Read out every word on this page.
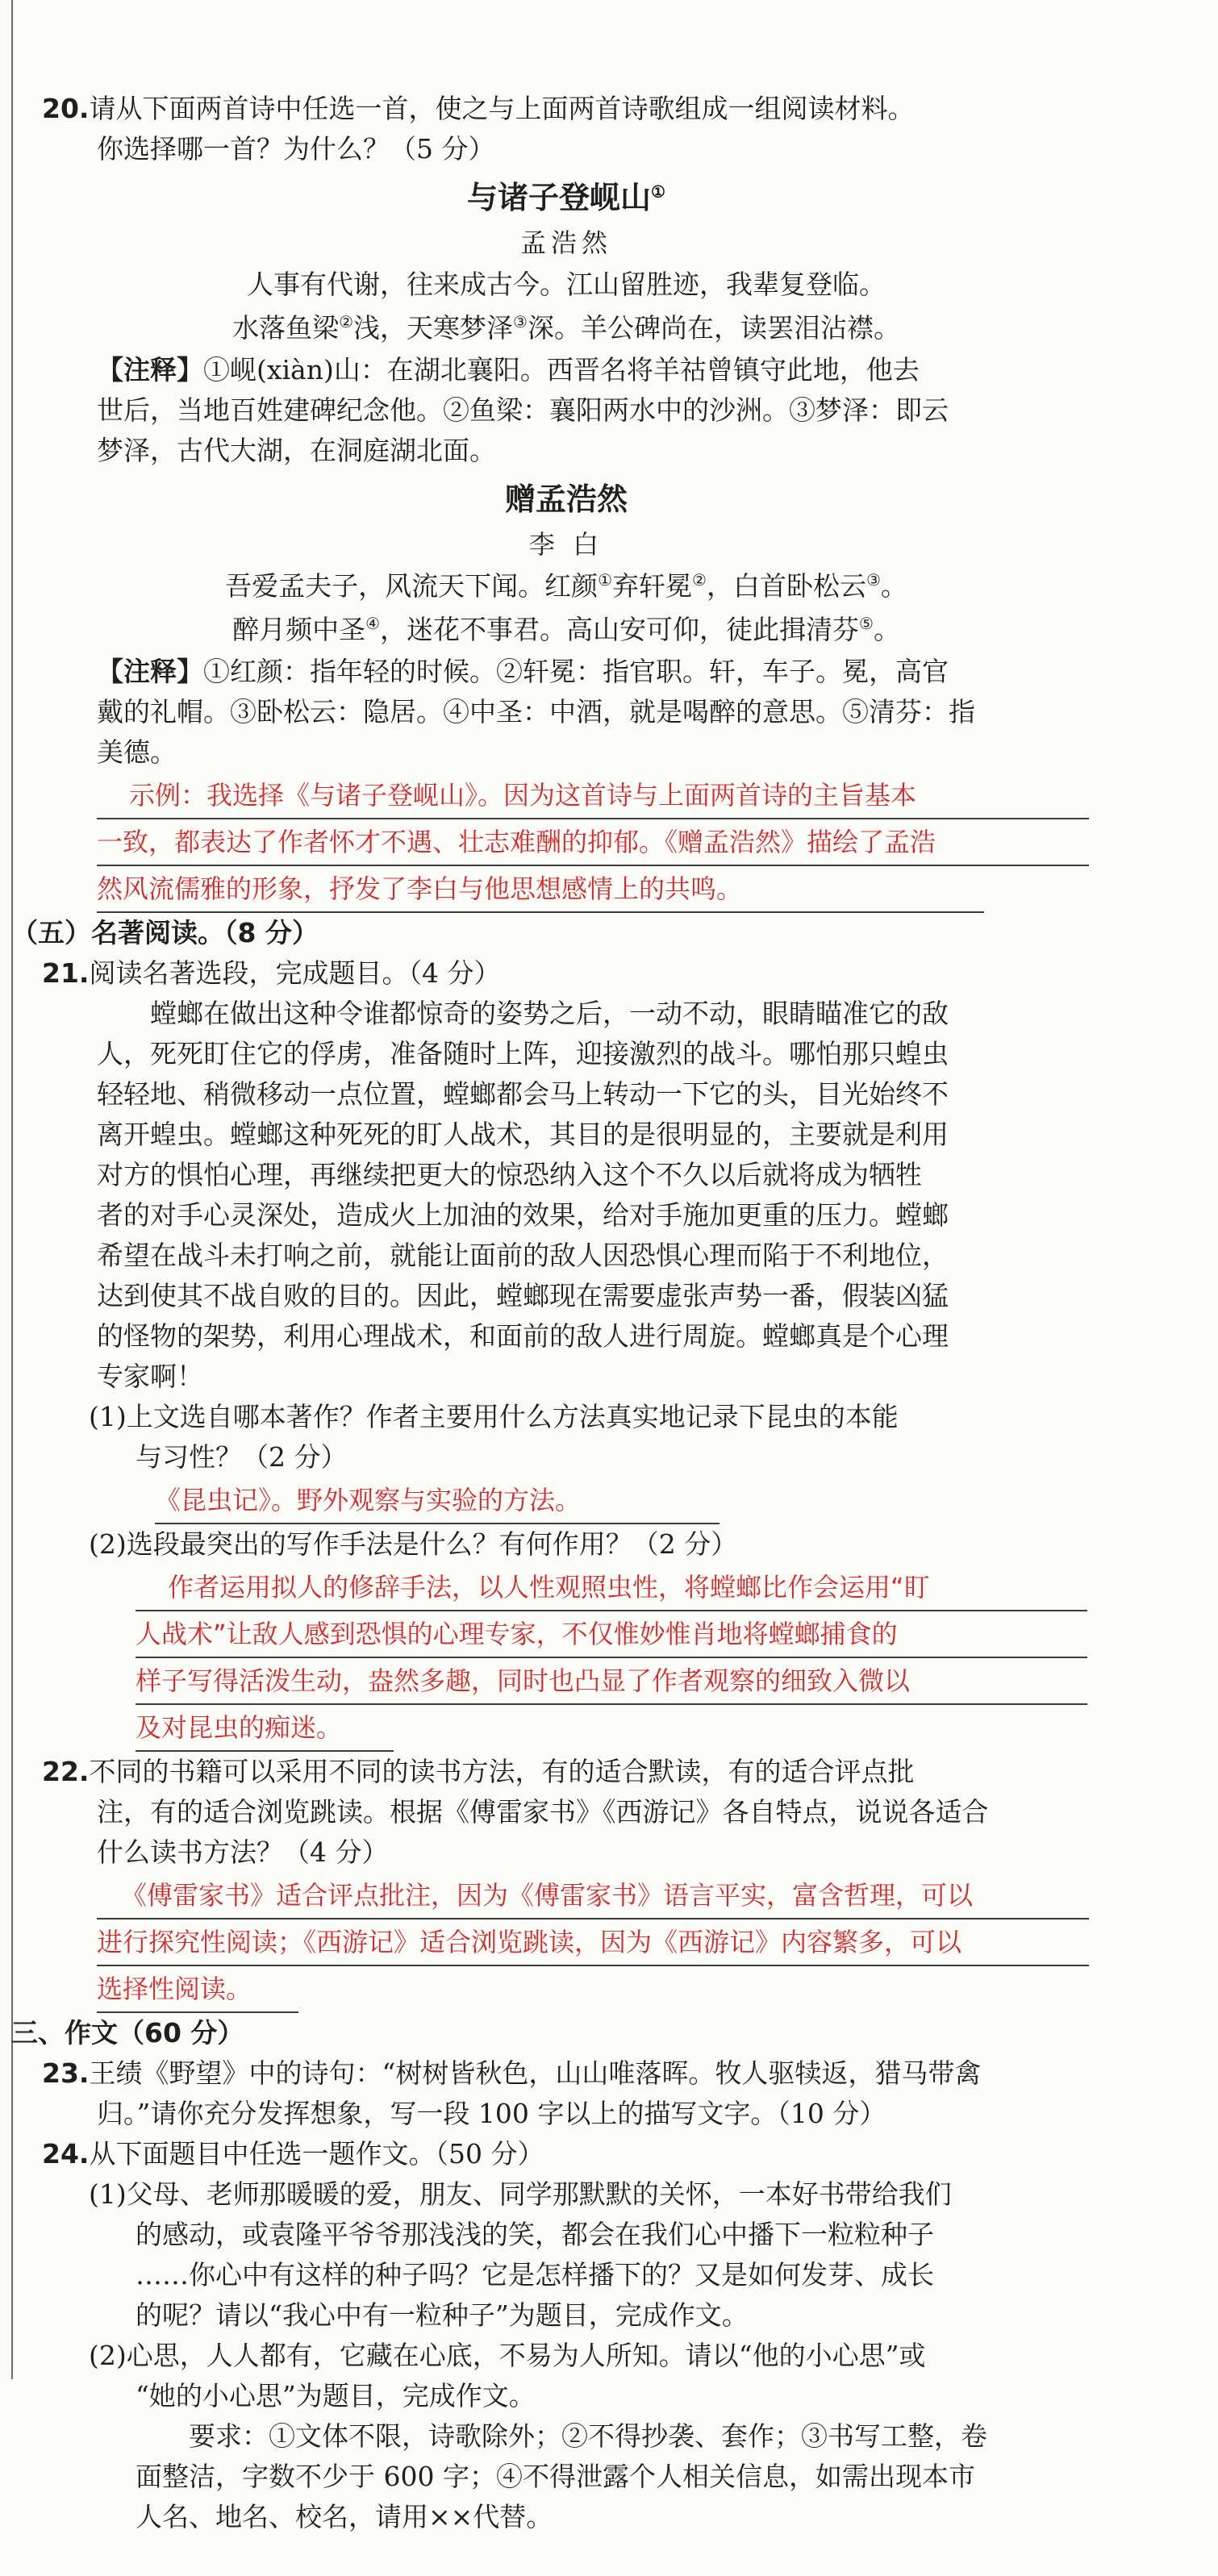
20.请从下面两首诗中任选一首，使之与上面两首诗歌组成一组阅读材料。
你选择哪一首？为什么？（5 分）
与诸子登岘山①
孟浩然
人事有代谢，往来成古今。江山留胜迹，我辈复登临。
水落鱼梁②浅，天寒梦泽③深。羊公碑尚在，读罢泪沾襟。
【注释】①岘(xiàn)山：在湖北襄阳。西晋名将羊祜曾镇守此地，他去
世后，当地百姓建碑纪念他。②鱼梁：襄阳两水中的沙洲。③梦泽：即云
梦泽，古代大湖，在洞庭湖北面。
赠孟浩然
李 白
吾爱孟夫子，风流天下闻。红颜①弃轩冕②，白首卧松云③。
醉月频中圣④，迷花不事君。高山安可仰，徒此揖清芬⑤。
【注释】①红颜：指年轻的时候。②轩冕：指官职。轩，车子。冕，高官
戴的礼帽。③卧松云：隐居。④中圣：中酒，就是喝醉的意思。⑤清芬：指
美德。
示例：我选择《与诸子登岘山》。因为这首诗与上面两首诗的主旨基本
一致，都表达了作者怀才不遇、壮志难酬的抑郁。《赠孟浩然》描绘了孟浩
然风流儒雅的形象，抒发了李白与他思想感情上的共鸣。
（五）名著阅读。（8 分）
21.阅读名著选段，完成题目。（4 分）
螳螂在做出这种令谁都惊奇的姿势之后，一动不动，眼睛瞄准它的敌
人，死死盯住它的俘虏，准备随时上阵，迎接激烈的战斗。哪怕那只蝗虫
轻轻地、稍微移动一点位置，螳螂都会马上转动一下它的头，目光始终不
离开蝗虫。螳螂这种死死的盯人战术，其目的是很明显的，主要就是利用
对方的惧怕心理，再继续把更大的惊恐纳入这个不久以后就将成为牺牲
者的对手心灵深处，造成火上加油的效果，给对手施加更重的压力。螳螂
希望在战斗未打响之前，就能让面前的敌人因恐惧心理而陷于不利地位，
达到使其不战自败的目的。因此，螳螂现在需要虚张声势一番，假装凶猛
的怪物的架势，利用心理战术，和面前的敌人进行周旋。螳螂真是个心理
专家啊！
(1)上文选自哪本著作？作者主要用什么方法真实地记录下昆虫的本能
与习性？（2 分）
《昆虫记》。野外观察与实验的方法。
(2)选段最突出的写作手法是什么？有何作用？（2 分）
作者运用拟人的修辞手法，以人性观照虫性，将螳螂比作会运用“盯
人战术”让敌人感到恐惧的心理专家，不仅惟妙惟肖地将螳螂捕食的
样子写得活泼生动，盎然多趣，同时也凸显了作者观察的细致入微以
及对昆虫的痴迷。
22.不同的书籍可以采用不同的读书方法，有的适合默读，有的适合评点批
注，有的适合浏览跳读。根据《傅雷家书》《西游记》各自特点，说说各适合
什么读书方法？（4 分）
《傅雷家书》适合评点批注，因为《傅雷家书》语言平实，富含哲理，可以
进行探究性阅读；《西游记》适合浏览跳读，因为《西游记》内容繁多，可以
选择性阅读。
三、作文（60 分）
23.王绩《野望》中的诗句：“树树皆秋色，山山唯落晖。牧人驱犊返，猎马带禽
归。”请你充分发挥想象，写一段 100 字以上的描写文字。（10 分）
24.从下面题目中任选一题作文。（50 分）
(1)父母、老师那暖暖的爱，朋友、同学那默默的关怀，一本好书带给我们
的感动，或袁隆平爷爷那浅浅的笑，都会在我们心中播下一粒粒种子
……你心中有这样的种子吗？它是怎样播下的？又是如何发芽、成长
的呢？请以“我心中有一粒种子”为题目，完成作文。
(2)心思，人人都有，它藏在心底，不易为人所知。请以“他的小心思”或
“她的小心思”为题目，完成作文。
要求：①文体不限，诗歌除外；②不得抄袭、套作；③书写工整，卷
面整洁，字数不少于 600 字；④不得泄露个人相关信息，如需出现本市
人名、地名、校名，请用××代替。
